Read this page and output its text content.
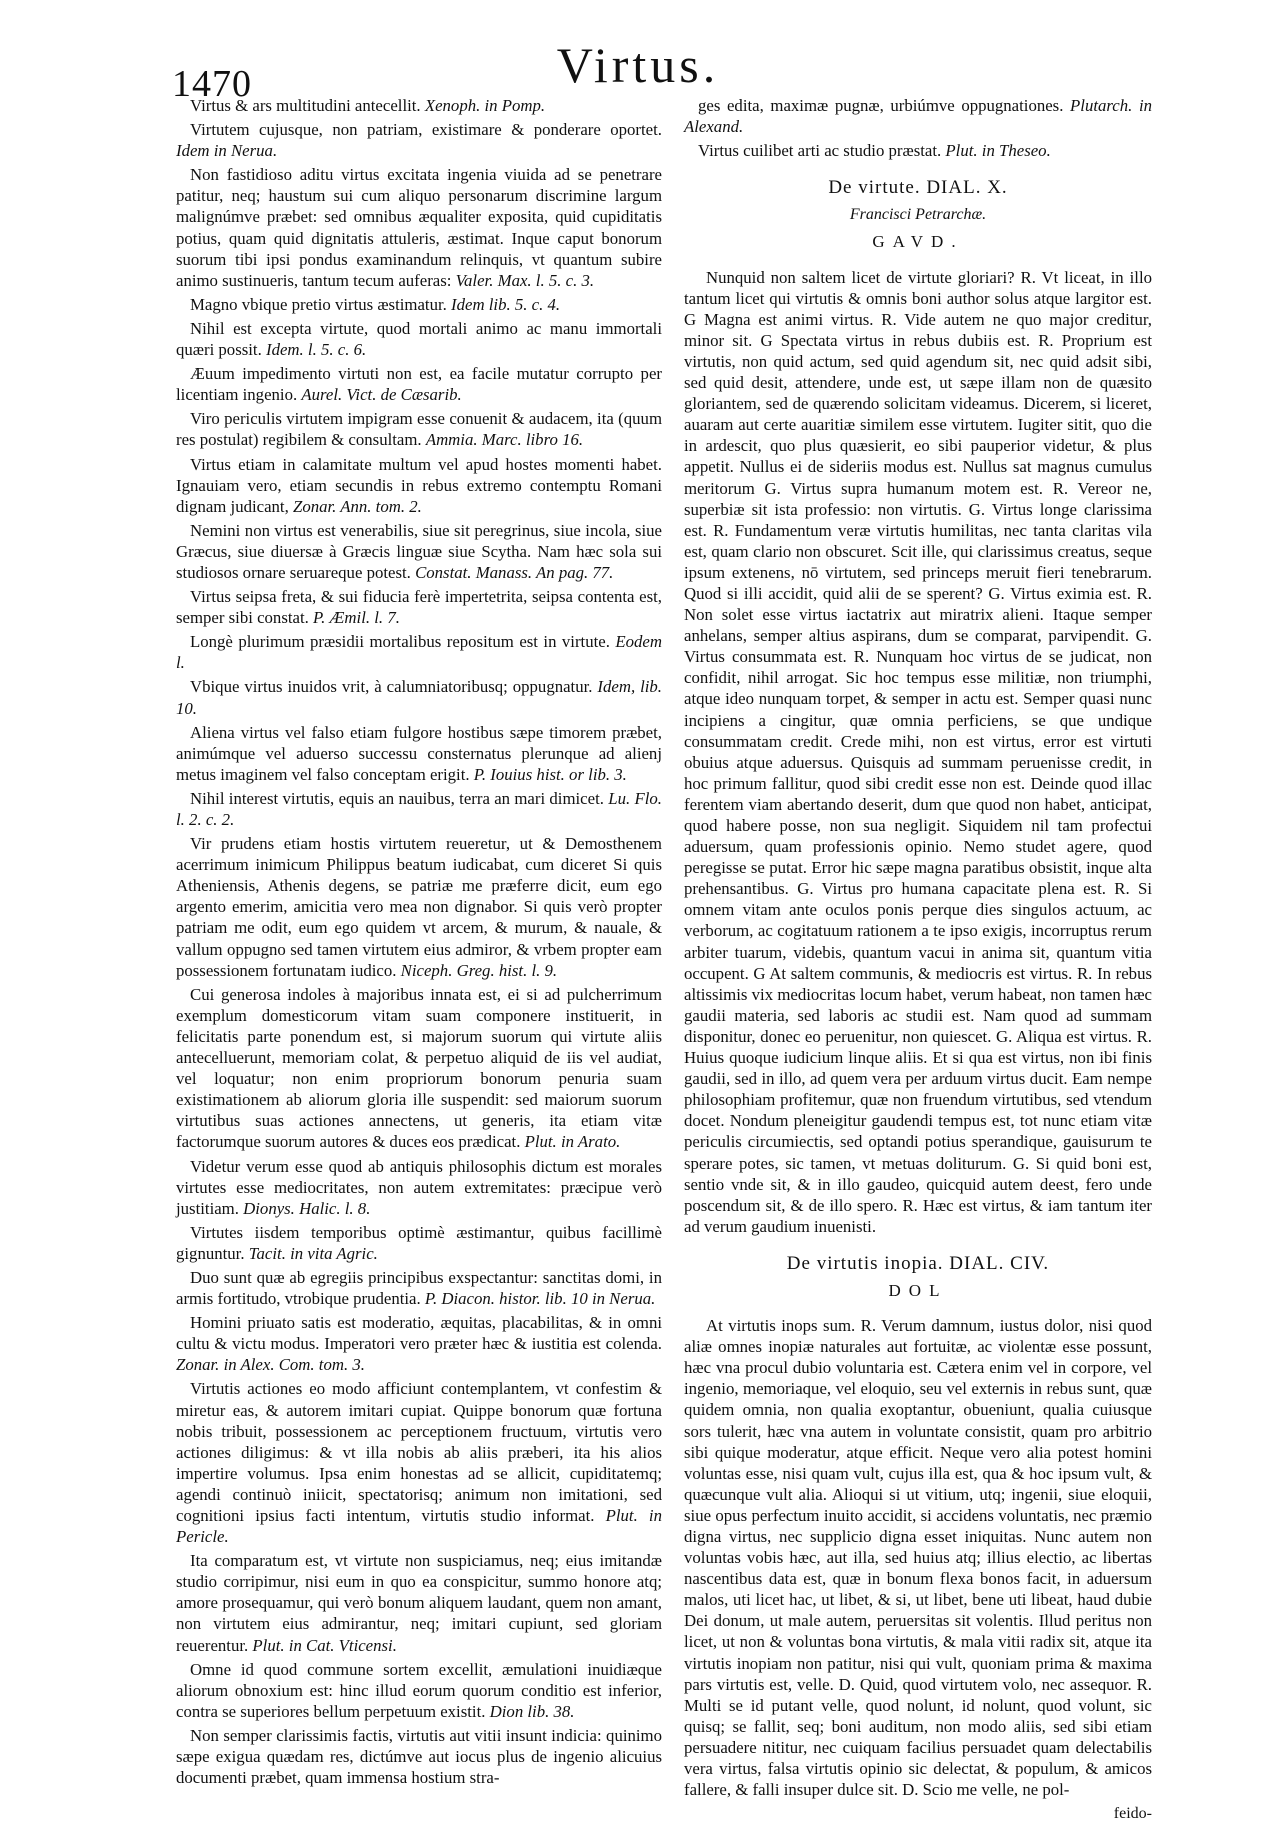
1470	Virtus.

Virtus & ars multitudini antecellit. Xenoph. in Pomp.

Virtutem cujusque, non patriam, existimare & ponderare oportet. Idem in Nerua.

Non fastidioso aditu virtus excitata ingenia viuida ad se penetrare patitur, neq; haustum sui cum aliquo personarum discrimine largum malignúmve præbet: sed omnibus æqualiter exposita, quid cupiditatis potius, quam quid dignitatis attuleris, æstimat. Inque caput bonorum suorum tibi ipsi pondus examinandum relinquis, vt quantum subire animo sustinueris, tantum tecum auferas: Valer. Max. l. 5. c. 3.

Magno vbique pretio virtus æstimatur. Idem lib. 5. c. 4.

Nihil est excepta virtute, quod mortali animo ac manu immortali quæri possit. Idem. l. 5. c. 6.

Æuum impedimento virtuti non est, ea facile mutatur corrupto per licentiam ingenio. Aurel. Vict. de Cæsarib.

Viro periculis virtutem impigram esse conuenit & audacem, ita (quum res postulat) regibilem & consultam. Ammia. Marc. libro 16.

Virtus etiam in calamitate multum vel apud hostes momenti habet. Ignauiam vero, etiam secundis in rebus extremo contemptu Romani dignam judicant, Zonar. Ann. tom. 2.

Nemini non virtus est venerabilis, siue sit peregrinus, siue incola, siue Græcus, siue diuersæ à Græcis linguæ siue Scytha. Nam hæc sola sui studiosos ornare seruareque potest. Constat. Manass. An pag. 77.

Virtus seipsa freta, & sui fiducia ferè impertetrita, seipsa contenta est, semper sibi constat. P. Æmil. l. 7.

Longè plurimum præsidii mortalibus repositum est in virtute. Eodem l.

Vbique virtus inuidos vrit, à calumniatoribusq; oppugnatur. Idem, lib. 10.

Aliena virtus vel falso etiam fulgore hostibus sæpe timorem præbet, animúmque vel aduerso successu consternatus plerunque ad alienj metus imaginem vel falso conceptam erigit. P. Iouius hist. or lib. 3.

Nihil interest virtutis, equis an nauibus, terra an mari dimicet. Lu. Flo. l. 2. c. 2.

Vir prudens etiam hostis virtutem reueretur, ut & Demosthenem acerrimum inimicum Philippus beatum iudicabat, cum diceret Si quis Atheniensis, Athenis degens, se patriæ me præferre dicit, eum ego argento emerim, amicitia vero mea non dignabor. Si quis verò propter patriam me odit, eum ego quidem vt arcem, & murum, & nauale, & vallum oppugno sed tamen virtutem eius admiror, & vrbem propter eam possessionem fortunatam iudico. Niceph. Greg. hist. l. 9.

Cui generosa indoles à majoribus innata est, ei si ad pulcherrimum exemplum domesticorum vitam suam componere instituerit, in felicitatis parte ponendum est, si majorum suorum qui virtute aliis antecelluerunt, memoriam colat, & perpetuo aliquid de iis vel audiat, vel loquatur; non enim propriorum bonorum penuria suam existimationem ab aliorum gloria ille suspendit: sed maiorum suorum virtutibus suas actiones annectens, ut generis, ita etiam vitæ factorumque suorum autores & duces eos prædicat. Plut. in Arato.

Videtur verum esse quod ab antiquis philosophis dictum est morales virtutes esse mediocritates, non autem extremitates: præcipue verò justitiam. Dionys. Halic. l. 8.

Virtutes iisdem temporibus optimè æstimantur, quibus facillimè gignuntur. Tacit. in vita Agric.

Duo sunt quæ ab egregiis principibus exspectantur: sanctitas domi, in armis fortitudo, vtrobique prudentia. P. Diacon. histor. lib. 10 in Nerua.

Homini priuato satis est moderatio, æquitas, placabilitas, & in omni cultu & victu modus. Imperatori vero præter hæc & iustitia est colenda. Zonar. in Alex. Com. tom. 3.

Virtutis actiones eo modo afficiunt contemplantem, vt confestim & miretur eas, & autorem imitari cupiat. Quippe bonorum quæ fortuna nobis tribuit, possessionem ac perceptionem fructuum, virtutis vero actiones diligimus: & vt illa nobis ab aliis præberi, ita his alios impertire volumus. Ipsa enim honestas ad se allicit, cupiditatemq; agendi continuò iniicit, spectatorisq; animum non imitationi, sed cognitioni ipsius facti intentum, virtutis studio informat. Plut. in Pericle.

Ita comparatum est, vt virtute non suspiciamus, neq; eius imitandæ studio corripimur, nisi eum in quo ea conspicitur, summo honore atq; amore prosequamur, qui verò bonum aliquem laudant, quem non amant, non virtutem eius admirantur, neq; imitari cupiunt, sed gloriam reuerentur. Plut. in Cat. Vticensi.

Omne id quod commune sortem excellit, æmulationi inuidiæque aliorum obnoxium est: hinc illud eorum quorum conditio est inferior, contra se superiores bellum perpetuum existit. Dion lib. 38.

Non semper clarissimis factis, virtutis aut vitii insunt indicia: quinimo sæpe exigua quædam res, dictúmve aut iocus plus de ingenio alicuius documenti præbet, quam immensa hostium stra-

ges edita, maximæ pugnæ, urbiúmve oppugnationes. Plutarch. in Alexand.

Virtus cuilibet arti ac studio præstat. Plut. in Theseo.

De virtute. DIAL. X.
Francisci Petrarchæ.
GAVD.

Nunquid non saltem licet de virtute gloriari? R. Vt liceat, in illo tantum licet qui virtutis & omnis boni author solus atque largitor est. G Magna est animi virtus. R. Vide autem ne quo major creditur, minor sit. G Spectata virtus in rebus dubiis est. R. Proprium est virtutis, non quid actum, sed quid agendum sit, nec quid adsit sibi, sed quid desit, attendere, unde est, ut sæpe illam non de quæsito gloriantem, sed de quærendo solicitam videamus. Dicerem, si liceret, auaram aut certe auaritiæ similem esse virtutem. Iugiter sitit, quo die in ardescit, quo plus quæsierit, eo sibi pauperior videtur, & plus appetit. Nullus ei de sideriis modus est. Nullus sat magnus cumulus meritorum G. Virtus supra humanum motem est. R. Vereor ne, superbiæ sit ista professio: non virtutis. G. Virtus longe clarissima est. R. Fundamentum veræ virtutis humilitas, nec tanta claritas vila est, quam clario non obscuret. Scit ille, qui clarissimus creatus, seque ipsum extenens, nō virtutem, sed princeps meruit fieri tenebrarum. Quod si illi accidit, quid alii de se sperent? G. Virtus eximia est. R. Non solet esse virtus iactatrix aut miratrix alieni. Itaque semper anhelans, semper altius aspirans, dum se comparat, parvipendit. G. Virtus consummata est. R. Nunquam hoc virtus de se judicat, non confidit, nihil arrogat. Sic hoc tempus esse militiæ, non triumphi, atque ideo nunquam torpet, & semper in actu est. Semper quasi nunc incipiens a cingitur, quæ omnia perficiens, se que undique consummatam credit. Crede mihi, non est virtus, error est virtuti obuius atque aduersus. Quisquis ad summam peruenisse credit, in hoc primum fallitur, quod sibi credit esse non est. Deinde quod illac ferentem viam abertando deserit, dum que quod non habet, anticipat, quod habere posse, non sua negligit. Siquidem nil tam profectui aduersum, quam professionis opinio. Nemo studet agere, quod peregisse se putat. Error hic sæpe magna paratibus obsistit, inque alta prehensantibus. G. Virtus pro humana capacitate plena est. R. Si omnem vitam ante oculos ponis perque dies singulos actuum, ac verborum, ac cogitatuum rationem a te ipso exigis, incorruptus rerum arbiter tuarum, videbis, quantum vacui in anima sit, quantum vitia occupent. G At saltem communis, & mediocris est virtus. R. In rebus altissimis vix mediocritas locum habet, verum habeat, non tamen hæc gaudii materia, sed laboris ac studii est. Nam quod ad summam disponitur, donec eo peruenitur, non quiescet. G. Aliqua est virtus. R. Huius quoque iudicium linque aliis. Et si qua est virtus, non ibi finis gaudii, sed in illo, ad quem vera per arduum virtus ducit. Eam nempe philosophiam profitemur, quæ non fruendum virtutibus, sed vtendum docet. Nondum pleneigitur gaudendi tempus est, tot nunc etiam vitæ periculis circumiectis, sed optandi potius sperandique, gauisurum te sperare potes, sic tamen, vt metuas doliturum. G. Si quid boni est, sentio vnde sit, & in illo gaudeo, quicquid autem deest, fero unde poscendum sit, & de illo spero. R. Hæc est virtus, & iam tantum iter ad verum gaudium inuenisti.

De virtutis inopia. DIAL. CIV.
DOL

At virtutis inops sum. R. Verum damnum, iustus dolor, nisi quod aliæ omnes inopiæ naturales aut fortuitæ, ac violentæ esse possunt, hæc vna procul dubio voluntaria est. Cætera enim vel in corpore, vel ingenio, memoriaque, vel eloquio, seu vel externis in rebus sunt, quæ quidem omnia, non qualia exoptantur, obueniunt, qualia cuiusque sors tulerit, hæc vna autem in voluntate consistit, quam pro arbitrio sibi quique moderatur, atque efficit. Neque vero alia potest homini voluntas esse, nisi quam vult, cujus illa est, qua & hoc ipsum vult, & quæcunque vult alia. Alioqui si ut vitium, utq; ingenii, siue eloquii, siue opus perfectum inuito accidit, si accidens voluntatis, nec præmio digna virtus, nec supplicio digna esset iniquitas. Nunc autem non voluntas vobis hæc, aut illa, sed huius atq; illius electio, ac libertas nascentibus data est, quæ in bonum flexa bonos facit, in aduersum malos, uti licet hac, ut libet, & si, ut libet, bene uti libeat, haud dubie Dei donum, ut male autem, peruersitas sit volentis. Illud peritus non licet, ut non & voluntas bona virtutis, & mala vitii radix sit, atque ita virtutis inopiam non patitur, nisi qui vult, quoniam prima & maxima pars virtutis est, velle. D. Quid, quod virtutem volo, nec assequor. R. Multi se id putant velle, quod nolunt, id nolunt, quod volunt, sic quisq; se fallit, seq; boni auditum, non modo aliis, sed sibi etiam persuadere nititur, nec cuiquam facilius persuadet quam delectabilis vera virtus, falsa virtutis opinio sic delectat, & populum, & amicos fallere, & falli insuper dulce sit. D. Scio me velle, ne pol-

feido-
